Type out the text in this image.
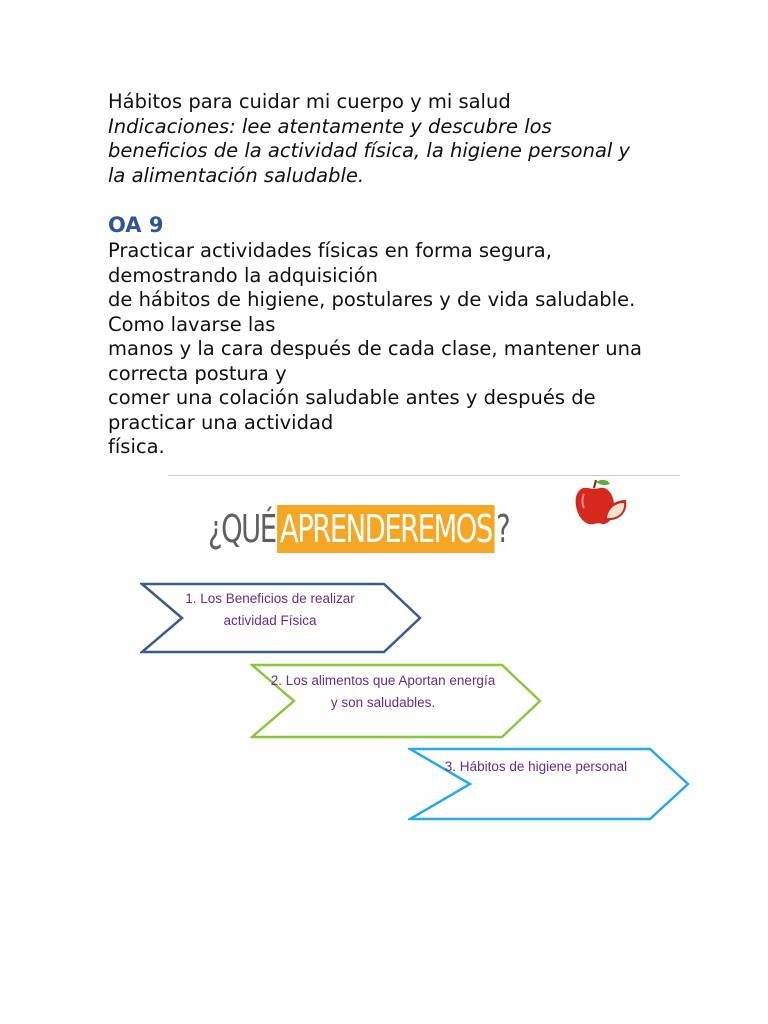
Hábitos para cuidar mi cuerpo y mi salud

Indicaciones: lee atentamente y descubre los

beneficios de la actividad física, la higiene personal y

la alimentación saludable.

OA 9

Practicar actividades físicas en forma segura,

demostrando la adquisición

de hábitos de higiene, postulares y de vida saludable.

Como lavarse las

manos y la cara después de cada clase, mantener una

correcta postura y

comer una colación saludable antes y después de

practicar una actividad

física.

¿QUÉ APRENDEREMOS ?
1. Los Beneficios de realizar
actividad Física
2. Los alimentos que Aportan energía
y son saludables.
3. Hábitos de higiene personal
